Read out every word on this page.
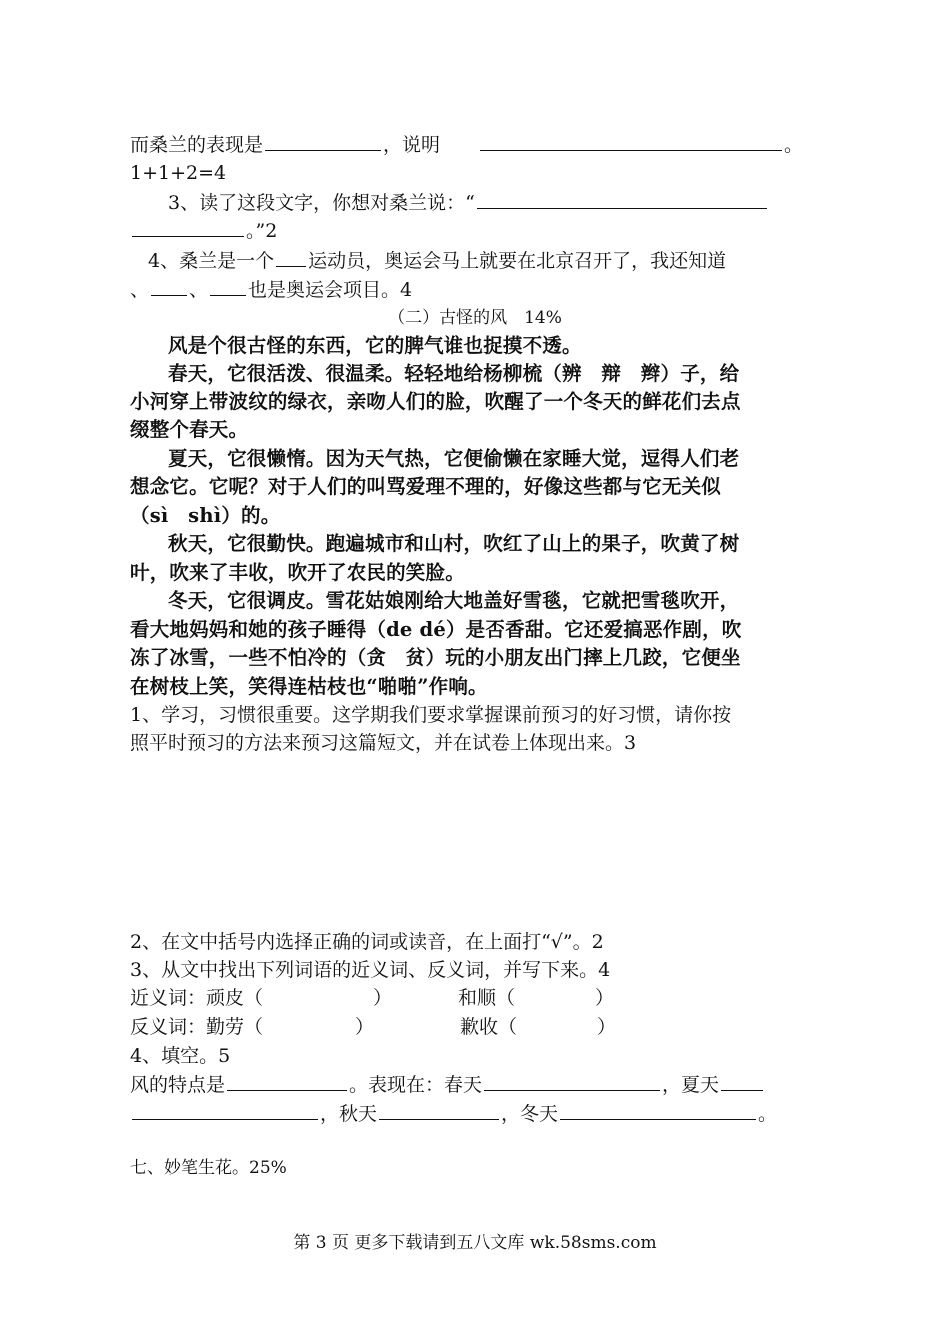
而桑兰的表现是	，说明	。
1+1+2=4
3、读了这段文字，你想对桑兰说：“
。”2
4、桑兰是一个 运动员，奥运会马上就要在北京召开了，我还知道
、 、 也是奥运会项目。4
（二）古怪的风　14%
风是个很古怪的东西，它的脾气谁也捉摸不透。
春天，它很活泼、很温柔。轻轻地给杨柳梳（辨　辩　辫）子，给
小河穿上带波纹的绿衣，亲吻人们的脸，吹醒了一个冬天的鲜花们去点
缀整个春天。
夏天，它很懒惰。因为天气热，它便偷懒在家睡大觉，逗得人们老
想念它。它呢？对于人们的叫骂爱理不理的，好像这些都与它无关似
（sì　shì）的。
秋天，它很勤快。跑遍城市和山村，吹红了山上的果子，吹黄了树
叶，吹来了丰收，吹开了农民的笑脸。
冬天，它很调皮。雪花姑娘刚给大地盖好雪毯，它就把雪毯吹开，
看大地妈妈和她的孩子睡得（de dé）是否香甜。它还爱搞恶作剧，吹
冻了冰雪，一些不怕冷的（贪　贫）玩的小朋友出门摔上几跤，它便坐
在树枝上笑，笑得连枯枝也“啪啪”作响。
1、学习，习惯很重要。这学期我们要求掌握课前预习的好习惯，请你按
照平时预习的方法来预习这篇短文，并在试卷上体现出来。3
2、在文中括号内选择正确的词或读音，在上面打“√”。2
3、从文中找出下列词语的近义词、反义词，并写下来。4
近义词：顽皮（	）	和顺（	）
反义词：勤劳（	）	歉收（	）
4、填空。5
风的特点是	。表现在：春天	，夏天
，秋天	，冬天	。
七、妙笔生花。25%
第 3 页 更多下载请到五八文库 wk.58sms.com
